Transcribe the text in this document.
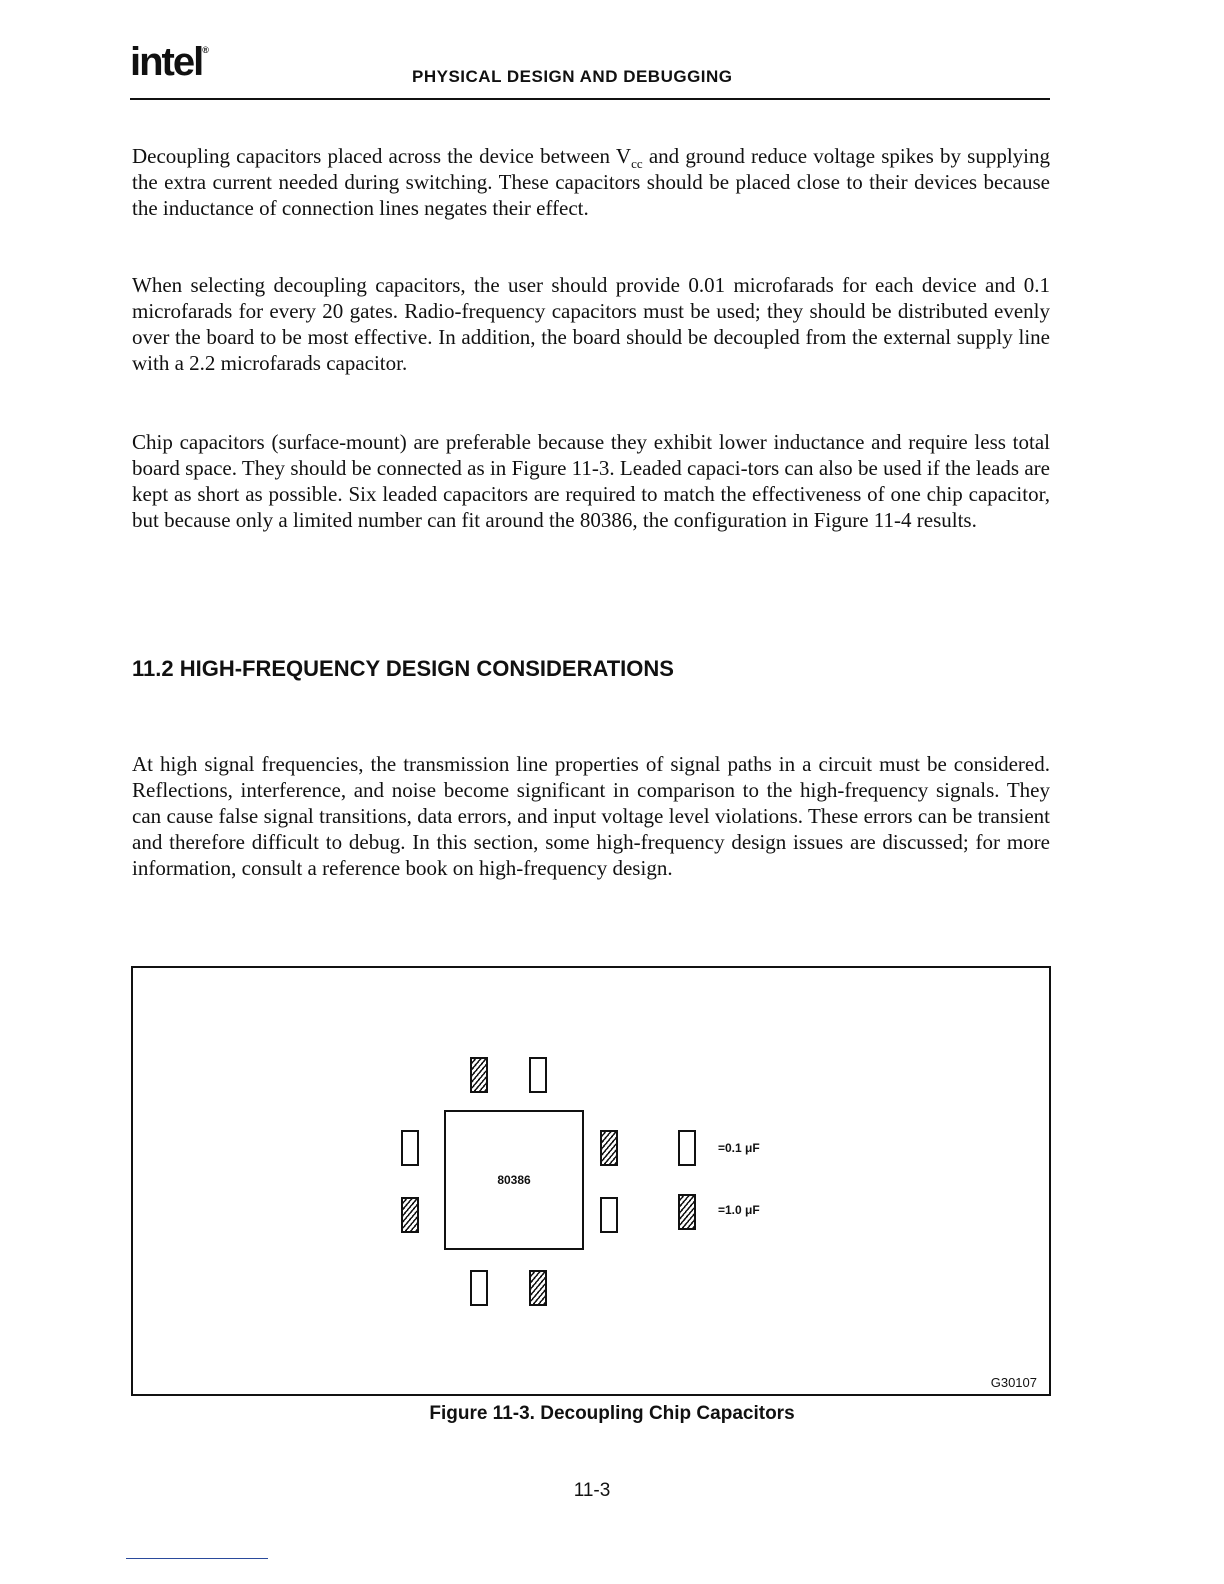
intel®
PHYSICAL DESIGN AND DEBUGGING

Decoupling capacitors placed across the device between $V_{cc}$ and ground reduce voltage spikes by supplying the extra current needed during switching. These capacitors should be placed close to their devices because the inductance of connection lines negates their effect.

When selecting decoupling capacitors, the user should provide 0.01 microfarads for each device and 0.1 microfarads for every 20 gates. Radio-frequency capacitors must be used; they should be distributed evenly over the board to be most effective. In addition, the board should be decoupled from the external supply line with a 2.2 microfarads capacitor.

Chip capacitors (surface-mount) are preferable because they exhibit lower inductance and require less total board space. They should be connected as in Figure 11-3. Leaded capaci-tors can also be used if the leads are kept as short as possible. Six leaded capacitors are required to match the effectiveness of one chip capacitor, but because only a limited number can fit around the 80386, the configuration in Figure 11-4 results.

11.2 HIGH-FREQUENCY DESIGN CONSIDERATIONS

At high signal frequencies, the transmission line properties of signal paths in a circuit must be considered. Reflections, interference, and noise become significant in comparison to the high-frequency signals. They can cause false signal transitions, data errors, and input voltage level violations. These errors can be transient and therefore difficult to debug. In this section, some high-frequency design issues are discussed; for more information, consult a reference book on high-frequency design.

80386
=0.1 μF
=1.0 μF
G30107
Figure 11-3. Decoupling Chip Capacitors
11-3
